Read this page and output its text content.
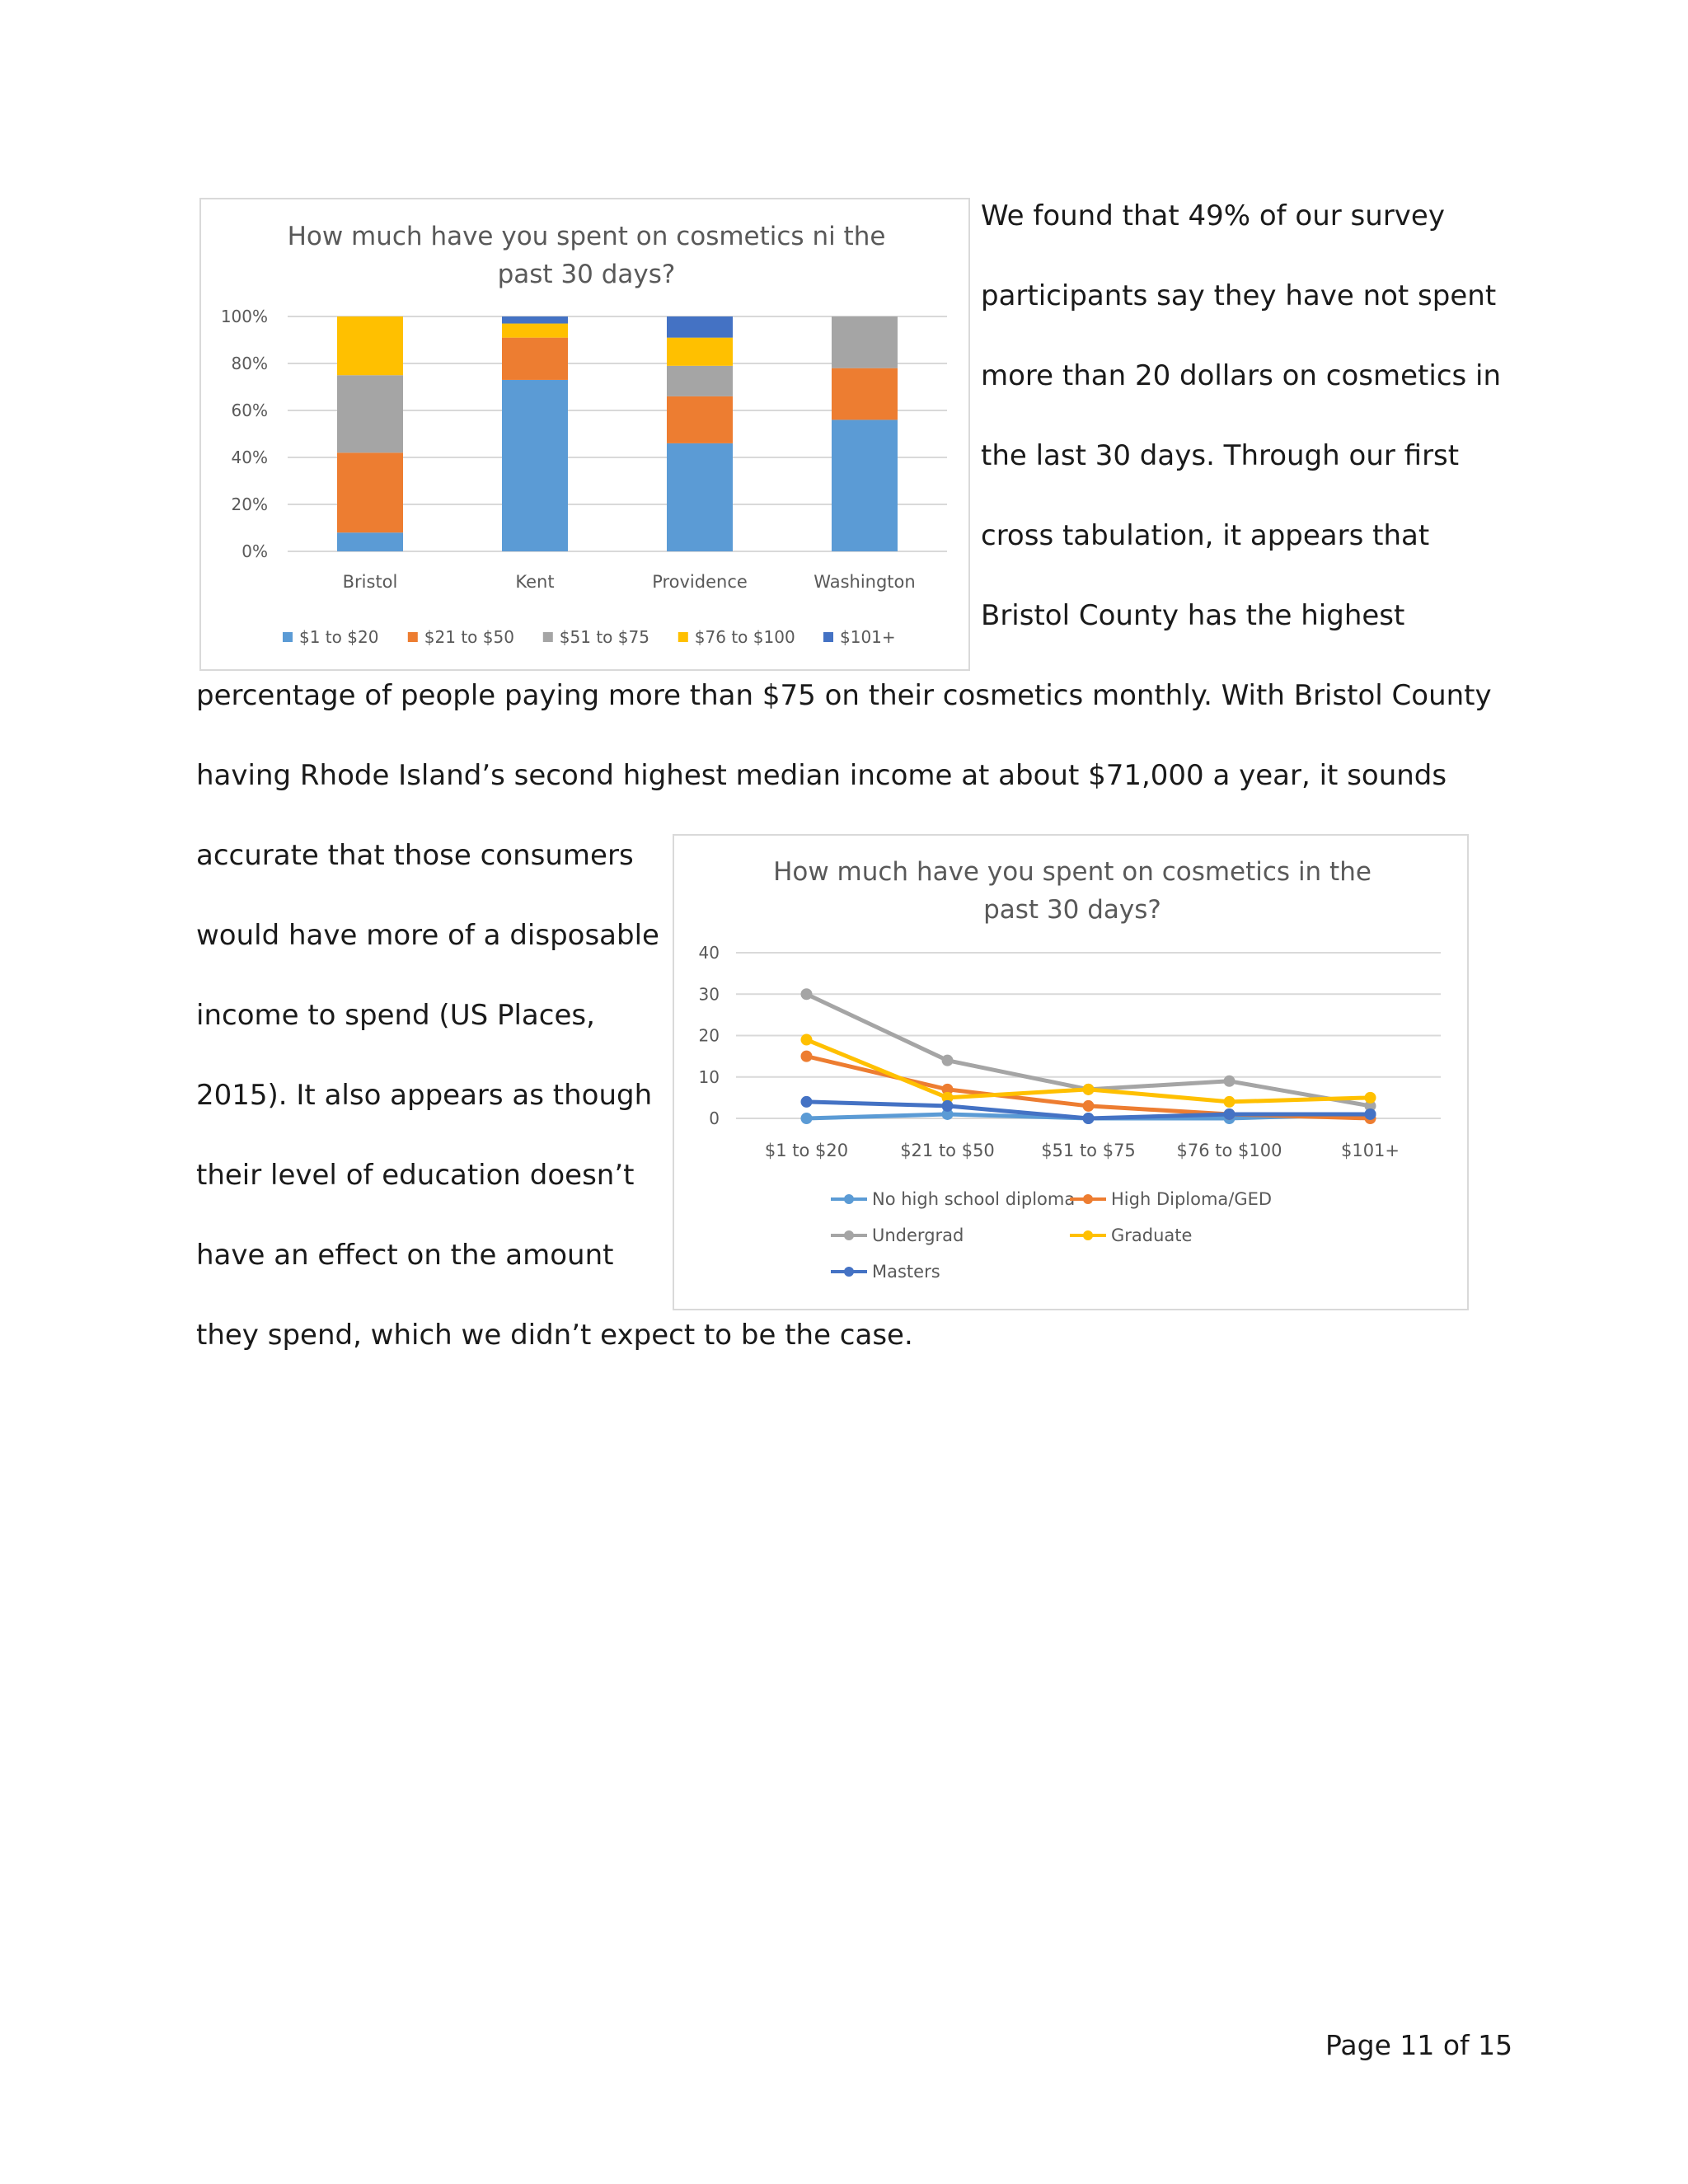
How much have you spent on cosmetics ni the
past 30 days?
0%
20%
40%
60%
80%
100%
Bristol	Kent	Providence	Washington
$1 to $20	$21 to $50	$51 to $75	$76 to $100	$101+
How much have you spent on cosmetics in the
past 30 days?
0
10
20
30
40
$1 to $20	$21 to $50	$51 to $75 $76 to $100	$101+
No high school diploma High Diploma/GED
Undergrad	Graduate
Masters
We found that 49% of our survey
participants say they have not spent
more than 20 dollars on cosmetics in
the last 30 days. Through our first
cross tabulation, it appears that
Bristol County has the highest
percentage of people paying more than $75 on their cosmetics monthly. With Bristol County
having Rhode Island’s second highest median income at about $71,000 a year, it sounds
accurate that those consumers
would have more of a disposable
income to spend (US Places,
2015). It also appears as though
their level of education doesn’t
have an effect on the amount
they spend, which we didn’t expect to be the case.
Page 11 of 15
